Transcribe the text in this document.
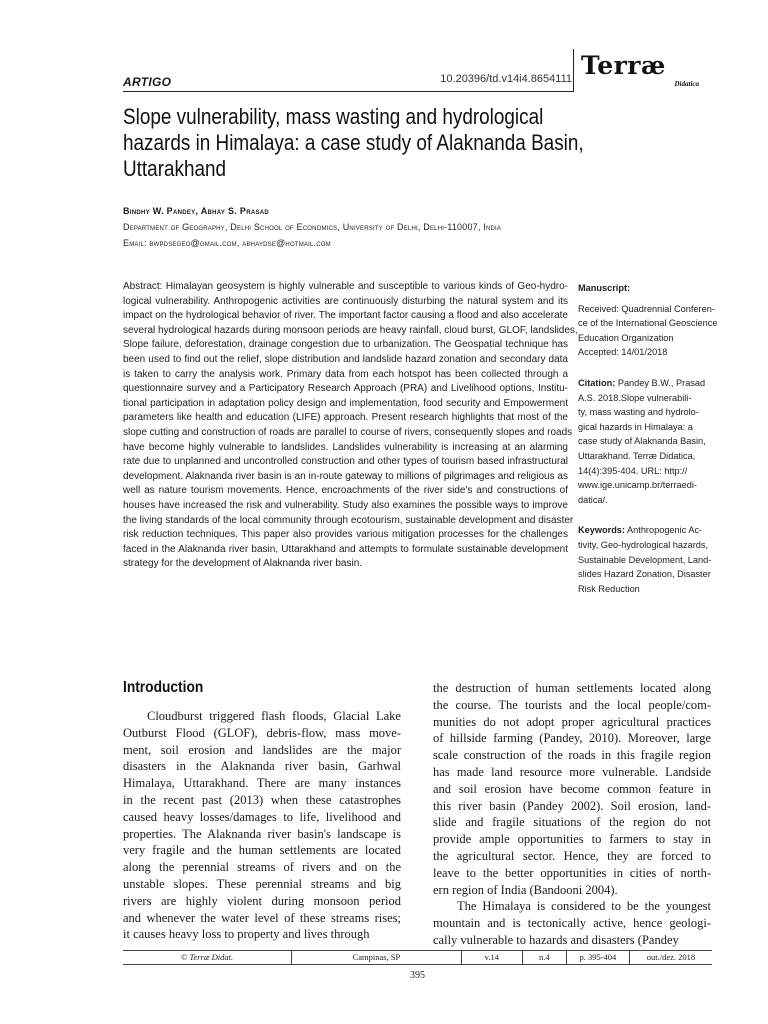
ARTIGO	10.20396/td.v14i4.8654111 Terræ
Didatica
Slope vulnerability, mass wasting and hydrological
hazards in Himalaya: a case study of Alaknanda Basin,
Uttarakhand
Bindhy W. Pandey, Abhay S. Prasad
Department of Geography, Delhi School of Economics, University of Delhi, Delhi-110007, India
Email: bwpdsegeo@gmail.com, abhaydse@hotmail.com
Abstract: Himalayan geosystem is highly vulnerable and susceptible to various kinds of Geo-hydro-
logical vulnerability. Anthropogenic activities are continuously disturbing the natural system and its
impact on the hydrological behavior of river. The important factor causing a flood and also accelerate
several hydrological hazards during monsoon periods are heavy rainfall, cloud burst, GLOF, landslides,
Slope failure, deforestation, drainage congestion due to urbanization. The Geospatial technique has
been used to find out the relief, slope distribution and landslide hazard zonation and secondary data
is taken to carry the analysis work. Primary data from each hotspot has been collected through a
questionnaire survey and a Participatory Research Approach (PRA) and Livelihood options, Institu-
tional participation in adaptation policy design and implementation, food security and Empowerment
parameters like health and education (LIFE) approach. Present research highlights that most of the
slope cutting and construction of roads are parallel to course of rivers, consequently slopes and roads
have become highly vulnerable to landslides. Landslides vulnerability is increasing at an alarming
rate due to unplanned and uncontrolled construction and other types of tourism based infrastructural
development. Alaknanda river basin is an in-route gateway to millions of pilgrimages and religious as
well as nature tourism movements. Hence, encroachments of the river side's and constructions of
houses have increased the risk and vulnerability. Study also examines the possible ways to improve
the living standards of the local community through ecotourism, sustainable development and disaster
risk reduction techniques. This paper also provides various mitigation processes for the challenges
faced in the Alaknanda river basin, Uttarakhand and attempts to formulate sustainable development
strategy for the development of Alaknanda river basin.
Manuscript:
Received: Quadrennial Conferen-
ce of the International Geoscience
Education Organization
Accepted: 14/01/2018
Citation: Pandey B.W., Prasad
A.S. 2018.Slope vulnerabili-
ty, mass wasting and hydrolo-
gical hazards in Himalaya: a
case study of Alaknanda Basin,
Uttarakhand. Terræ Didatica,
14(4):395-404. URL: http://
www.ige.unicamp.br/terraedi-
datica/.
Keywords: Anthropogenic Ac-
tivity, Geo-hydrological hazards,
Sustainable Development, Land-
slides Hazard Zonation, Disaster
Risk Reduction
Introduction
Cloudburst triggered flash floods, Glacial Lake
Outburst Flood (GLOF), debris-flow, mass move-
ment, soil erosion and landslides are the major
disasters in the Alaknanda river basin, Garhwal
Himalaya, Uttarakhand. There are many instances
in the recent past (2013) when these catastrophes
caused heavy losses/damages to life, livelihood and
properties. The Alaknanda river basin's landscape is
very fragile and the human settlements are located
along the perennial streams of rivers and on the
unstable slopes. These perennial streams and big
rivers are highly violent during monsoon period
and whenever the water level of these streams rises;
it causes heavy loss to property and lives through
the destruction of human settlements located along
the course. The tourists and the local people/com-
munities do not adopt proper agricultural practices
of hillside farming (Pandey, 2010). Moreover, large
scale construction of the roads in this fragile region
has made land resource more vulnerable. Landside
and soil erosion have become common feature in
this river basin (Pandey 2002). Soil erosion, land-
slide and fragile situations of the region do not
provide ample opportunities to farmers to stay in
the agricultural sector. Hence, they are forced to
leave to the better opportunities in cities of north-
ern region of India (Bandooni 2004).
The Himalaya is considered to be the youngest
mountain and is tectonically active, hence geologi-
cally vulnerable to hazards and disasters (Pandey
© Terræ Didat.	Campinas, SP	v.14	n.4	p. 395-404	out./dez. 2018
395
